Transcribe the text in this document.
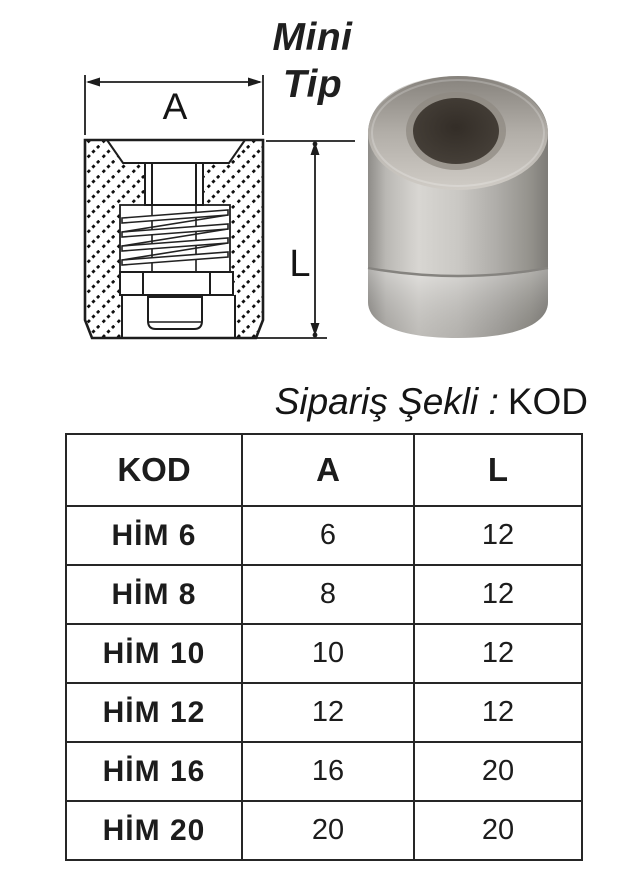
Mini
Tip
A
L
Sipariş Şekli : KOD
KOD	A	L
HİM 6	6	12
HİM 8	8	12
HİM 10	10	12
HİM 12	12	12
HİM 16	16	20
HİM 20	20	20
